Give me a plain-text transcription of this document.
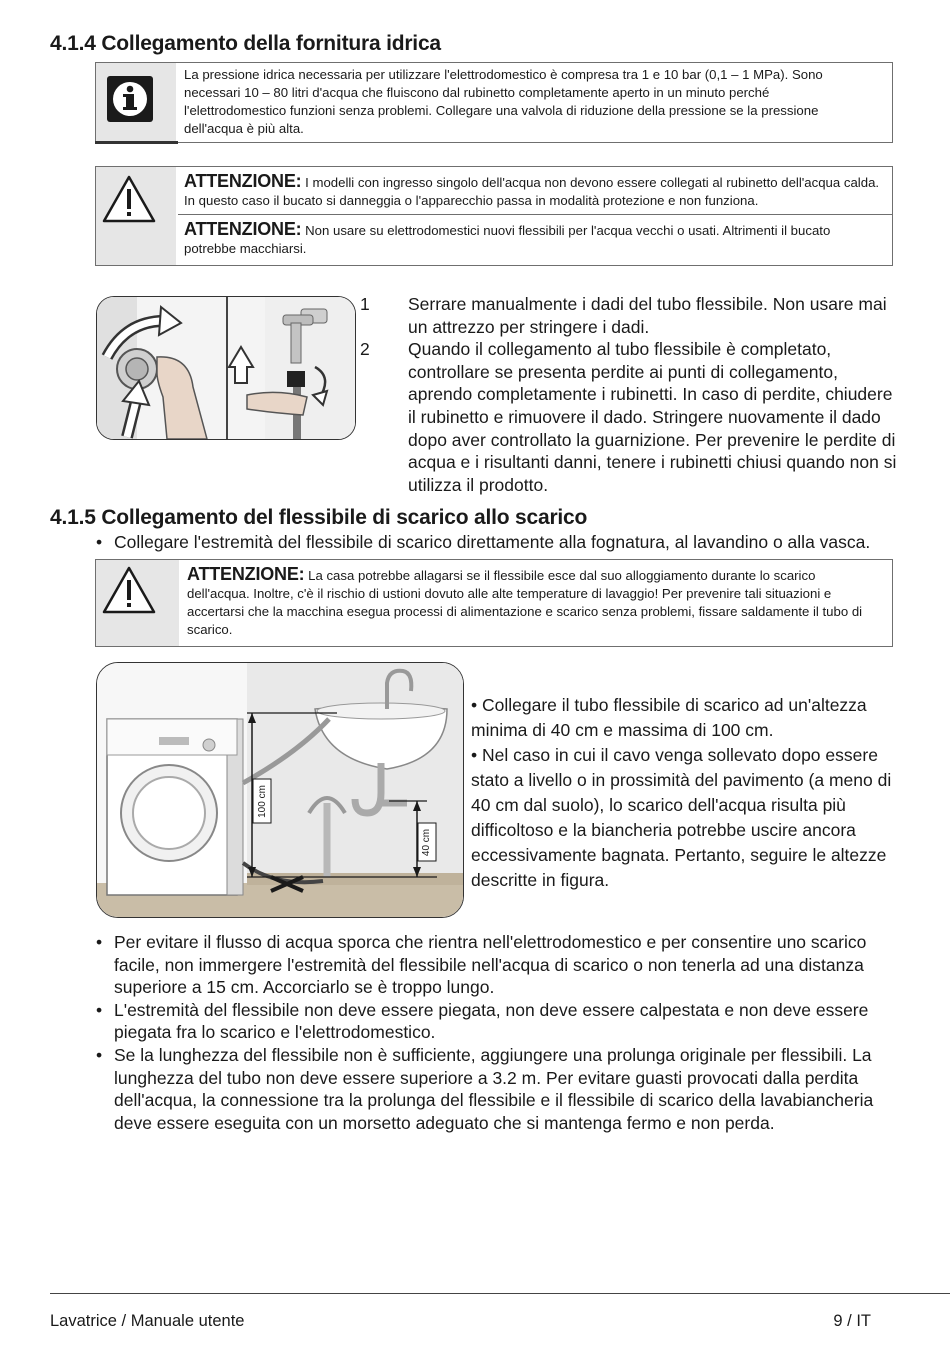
4.1.4 Collegamento della fornitura idrica
La pressione idrica necessaria per utilizzare l'elettrodomestico è compresa tra 1 e 10 bar (0,1 – 1 MPa). Sono necessari 10 – 80 litri d'acqua che fluiscono dal rubinetto completamente aperto in un minuto perché l'elettrodomestico funzioni senza problemi. Collegare una valvola di riduzione della pressione se la pressione dell'acqua è più alta.
ATTENZIONE: I modelli con ingresso singolo dell'acqua non devono essere collegati al rubinetto dell'acqua calda. In questo caso il bucato si danneggia o l'apparecchio passa in modalità protezione e non funziona.
ATTENZIONE: Non usare su elettrodomestici nuovi flessibili per l'acqua vecchi o usati. Altrimenti il bucato potrebbe macchiarsi.
1	Serrare manualmente i dadi del tubo flessibile. Non usare mai un attrezzo per stringere i dadi.
2	Quando il collegamento al tubo flessibile è completato, controllare se presenta perdite ai punti di collegamento, aprendo completamente i rubinetti. In caso di perdite, chiudere il rubinetto e rimuovere il dado. Stringere nuovamente il dado dopo aver controllato la guarnizione. Per prevenire le perdite di acqua e i risultanti danni, tenere i rubinetti chiusi quando non si utilizza il prodotto.
4.1.5 Collegamento del flessibile di scarico allo scarico
• Collegare l'estremità del flessibile di scarico direttamente alla fognatura, al lavandino o alla vasca.
ATTENZIONE: La casa potrebbe allagarsi se il flessibile esce dal suo alloggiamento durante lo scarico dell'acqua. Inoltre, c'è il rischio di ustioni dovuto alle alte temperature di lavaggio! Per prevenire tali situazioni e accertarsi che la macchina esegua processi di alimentazione e scarico senza problemi, fissare saldamente il tubo di scarico.
100 cm
40 cm
• Collegare il tubo flessibile di scarico ad un'altezza minima di 40 cm e massima di 100 cm.
• Nel caso in cui il cavo venga sollevato dopo essere stato a livello o in prossimità del pavimento (a meno di 40 cm dal suolo), lo scarico dell'acqua risulta più difficoltoso e la biancheria potrebbe uscire ancora eccessivamente bagnata. Pertanto, seguire le altezze descritte in figura.
• Per evitare il flusso di acqua sporca che rientra nell'elettrodomestico e per consentire uno scarico facile, non immergere l'estremità del flessibile nell'acqua di scarico o non tenerla ad una distanza superiore a 15 cm. Accorciarlo se è troppo lungo.
• L'estremità del flessibile non deve essere piegata, non deve essere calpestata e non deve essere piegata fra lo scarico e l'elettrodomestico.
• Se la lunghezza del flessibile non è sufficiente, aggiungere una prolunga originale per flessibili. La lunghezza del tubo non deve essere superiore a 3.2 m. Per evitare guasti provocati dalla perdita dell'acqua, la connessione tra la prolunga del flessibile e il flessibile di scarico della lavabiancheria deve essere eseguita con un morsetto adeguato che si mantenga fermo e non perda.
Lavatrice / Manuale utente	9 / IT
